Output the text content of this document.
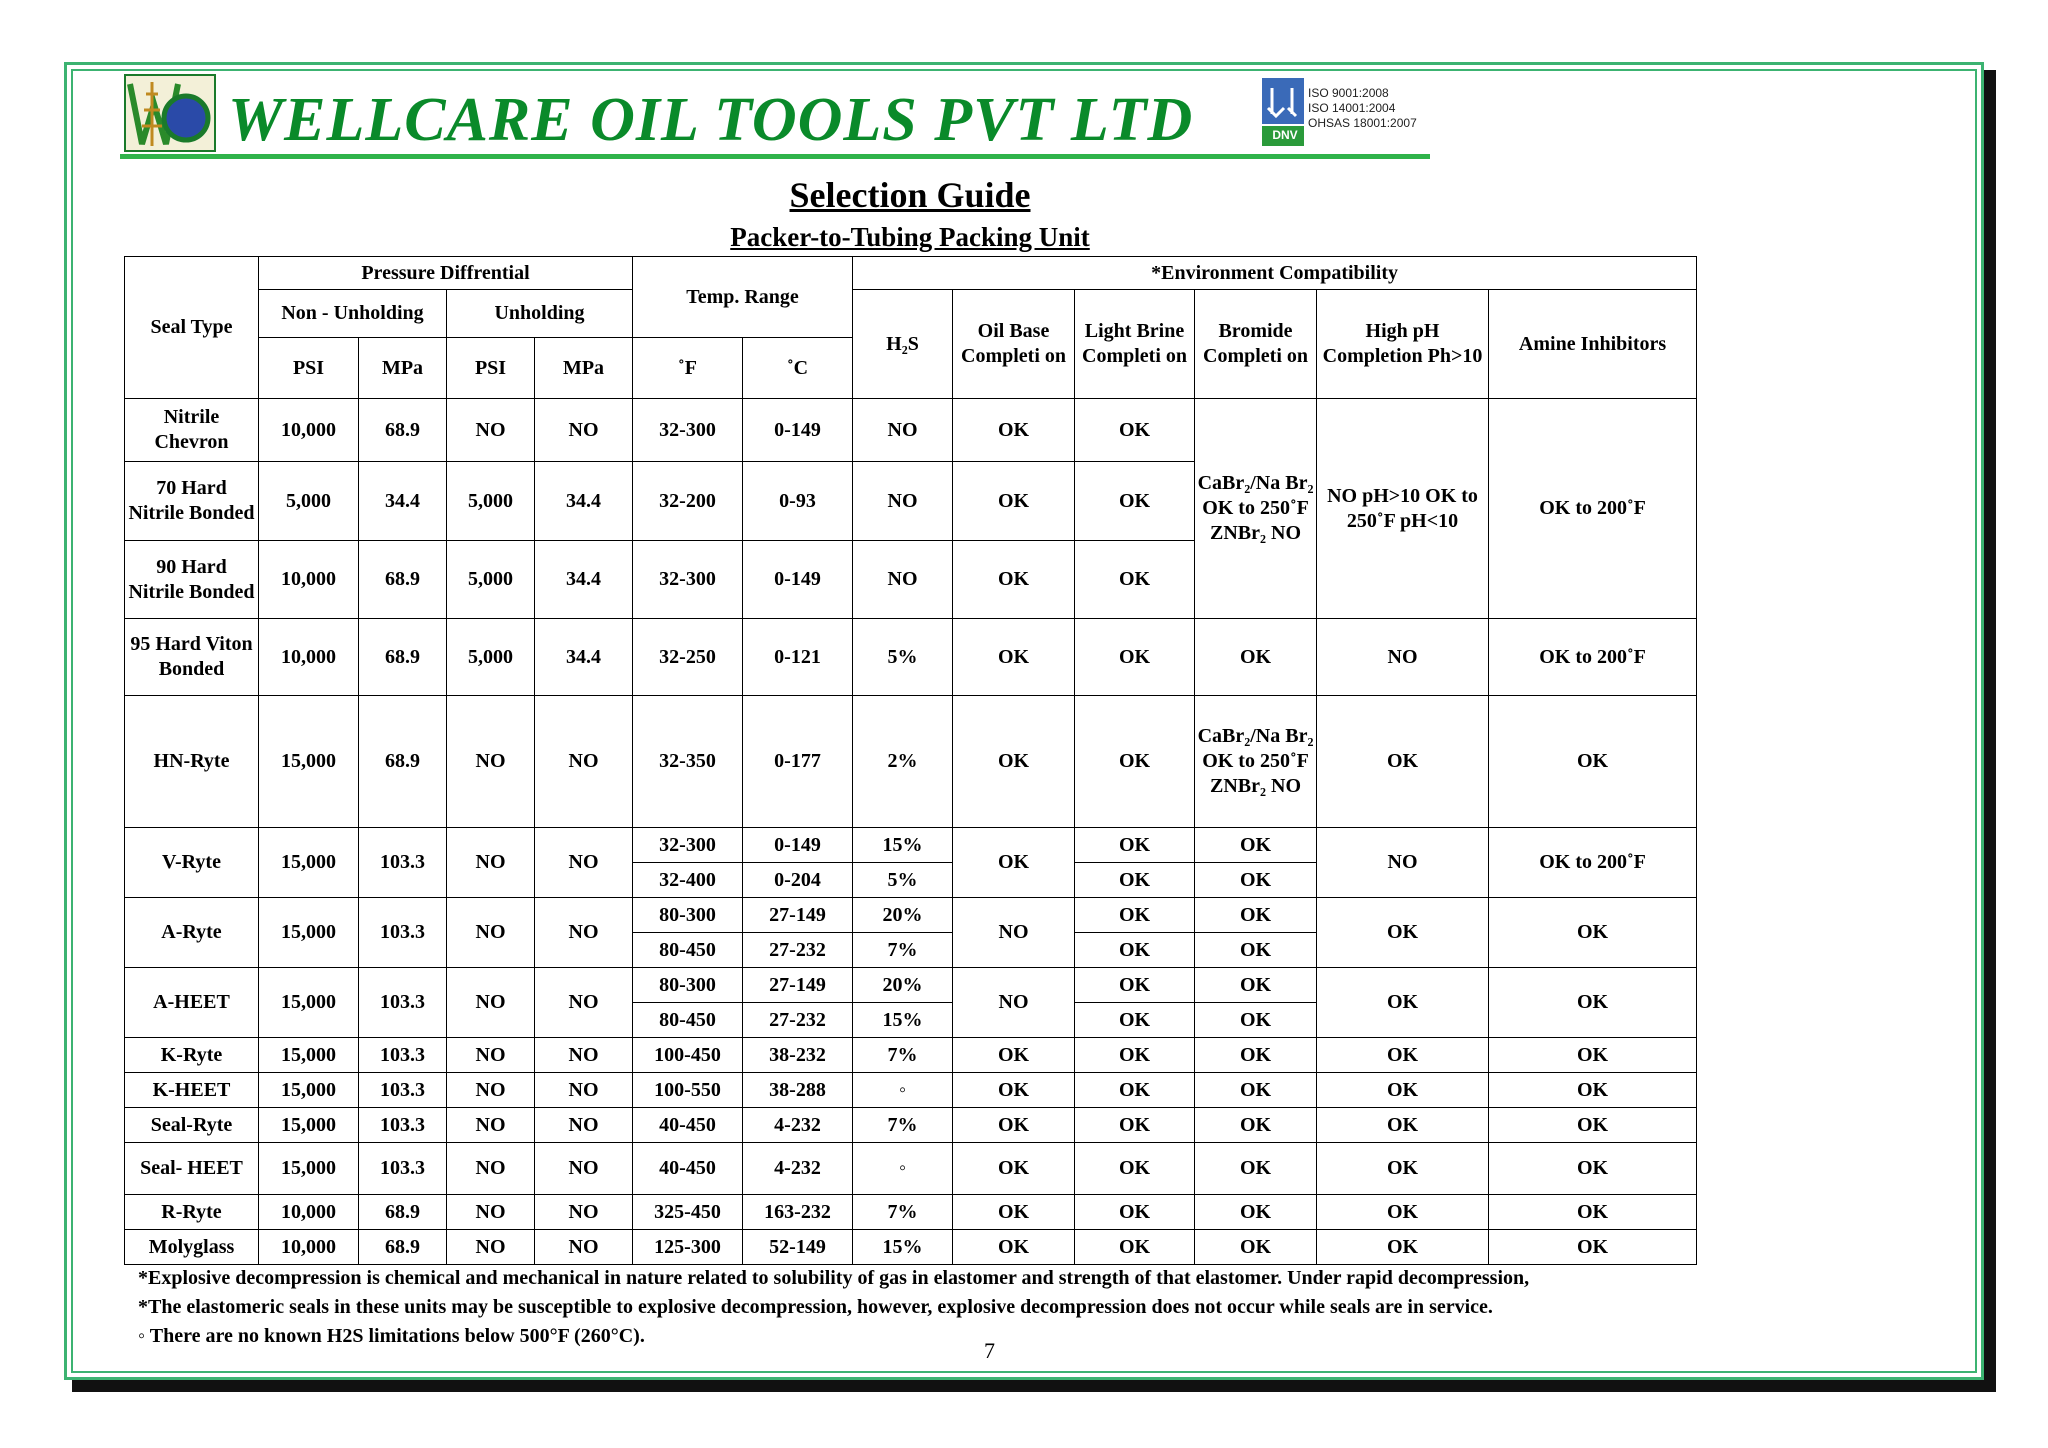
WELLCARE OIL TOOLS PVT LTD	ISO 9001:2008
ISO 14001:2004
OHSAS 18001:2007
DNV
Selection Guide
Packer-to-Tubing Packing Unit
Seal Type	Pressure Diffrential				Temp. Range		*Environment Compatibility					
	Non - Unholding		Unholding				H₂S	Oil Base Completi on	Light Brine Completi on	Bromide Completi on	High pH Completion Ph>10	Amine Inhibitors
	PSI	MPa	PSI	MPa	˚F	˚C						
Nitrile Chevron	10,000	68.9	NO	NO	32-300	0-149	NO	OK	OK	CaBr₂/Na Br₂ OK to 250˚F ZNBr₂ NO	NO pH>10 OK to 250˚F pH<10	OK to 200˚F
70 Hard Nitrile Bonded	5,000	34.4	5,000	34.4	32-200	0-93	NO	OK	OK			
90 Hard Nitrile Bonded	10,000	68.9	5,000	34.4	32-300	0-149	NO	OK	OK			
95 Hard Viton Bonded	10,000	68.9	5,000	34.4	32-250	0-121	5%	OK	OK	OK	NO	OK to 200˚F
HN-Ryte	15,000	68.9	NO	NO	32-350	0-177	2%	OK	OK	CaBr₂/Na Br₂ OK to 250˚F ZNBr₂ NO	OK	OK
V-Ryte	15,000	103.3	NO	NO	32-300	0-149	15%	OK	OK	OK	NO	OK to 200˚F
					32-400	0-204	5%		OK	OK		
A-Ryte	15,000	103.3	NO	NO	80-300	27-149	20%	NO	OK	OK	OK	OK
					80-450	27-232	7%		OK	OK		
A-HEET	15,000	103.3	NO	NO	80-300	27-149	20%	NO	OK	OK	OK	OK
					80-450	27-232	15%		OK	OK		
K-Ryte	15,000	103.3	NO	NO	100-450	38-232	7%	OK	OK	OK	OK	OK
K-HEET	15,000	103.3	NO	NO	100-550	38-288	◦	OK	OK	OK	OK	OK
Seal-Ryte	15,000	103.3	NO	NO	40-450	4-232	7%	OK	OK	OK	OK	OK
Seal- HEET	15,000	103.3	NO	NO	40-450	4-232	◦	OK	OK	OK	OK	OK
R-Ryte	10,000	68.9	NO	NO	325-450	163-232	7%	OK	OK	OK	OK	OK
Molyglass	10,000	68.9	NO	NO	125-300	52-149	15%	OK	OK	OK	OK	OK
*Explosive decompression is chemical and mechanical in nature related to solubility of gas in elastomer and strength of that elastomer. Under rapid decompression,
*The elastomeric seals in these units may be susceptible to explosive decompression, however, explosive decompression does not occur while seals are in service.
◦ There are no known H2S limitations below 500°F (260°C).
7
